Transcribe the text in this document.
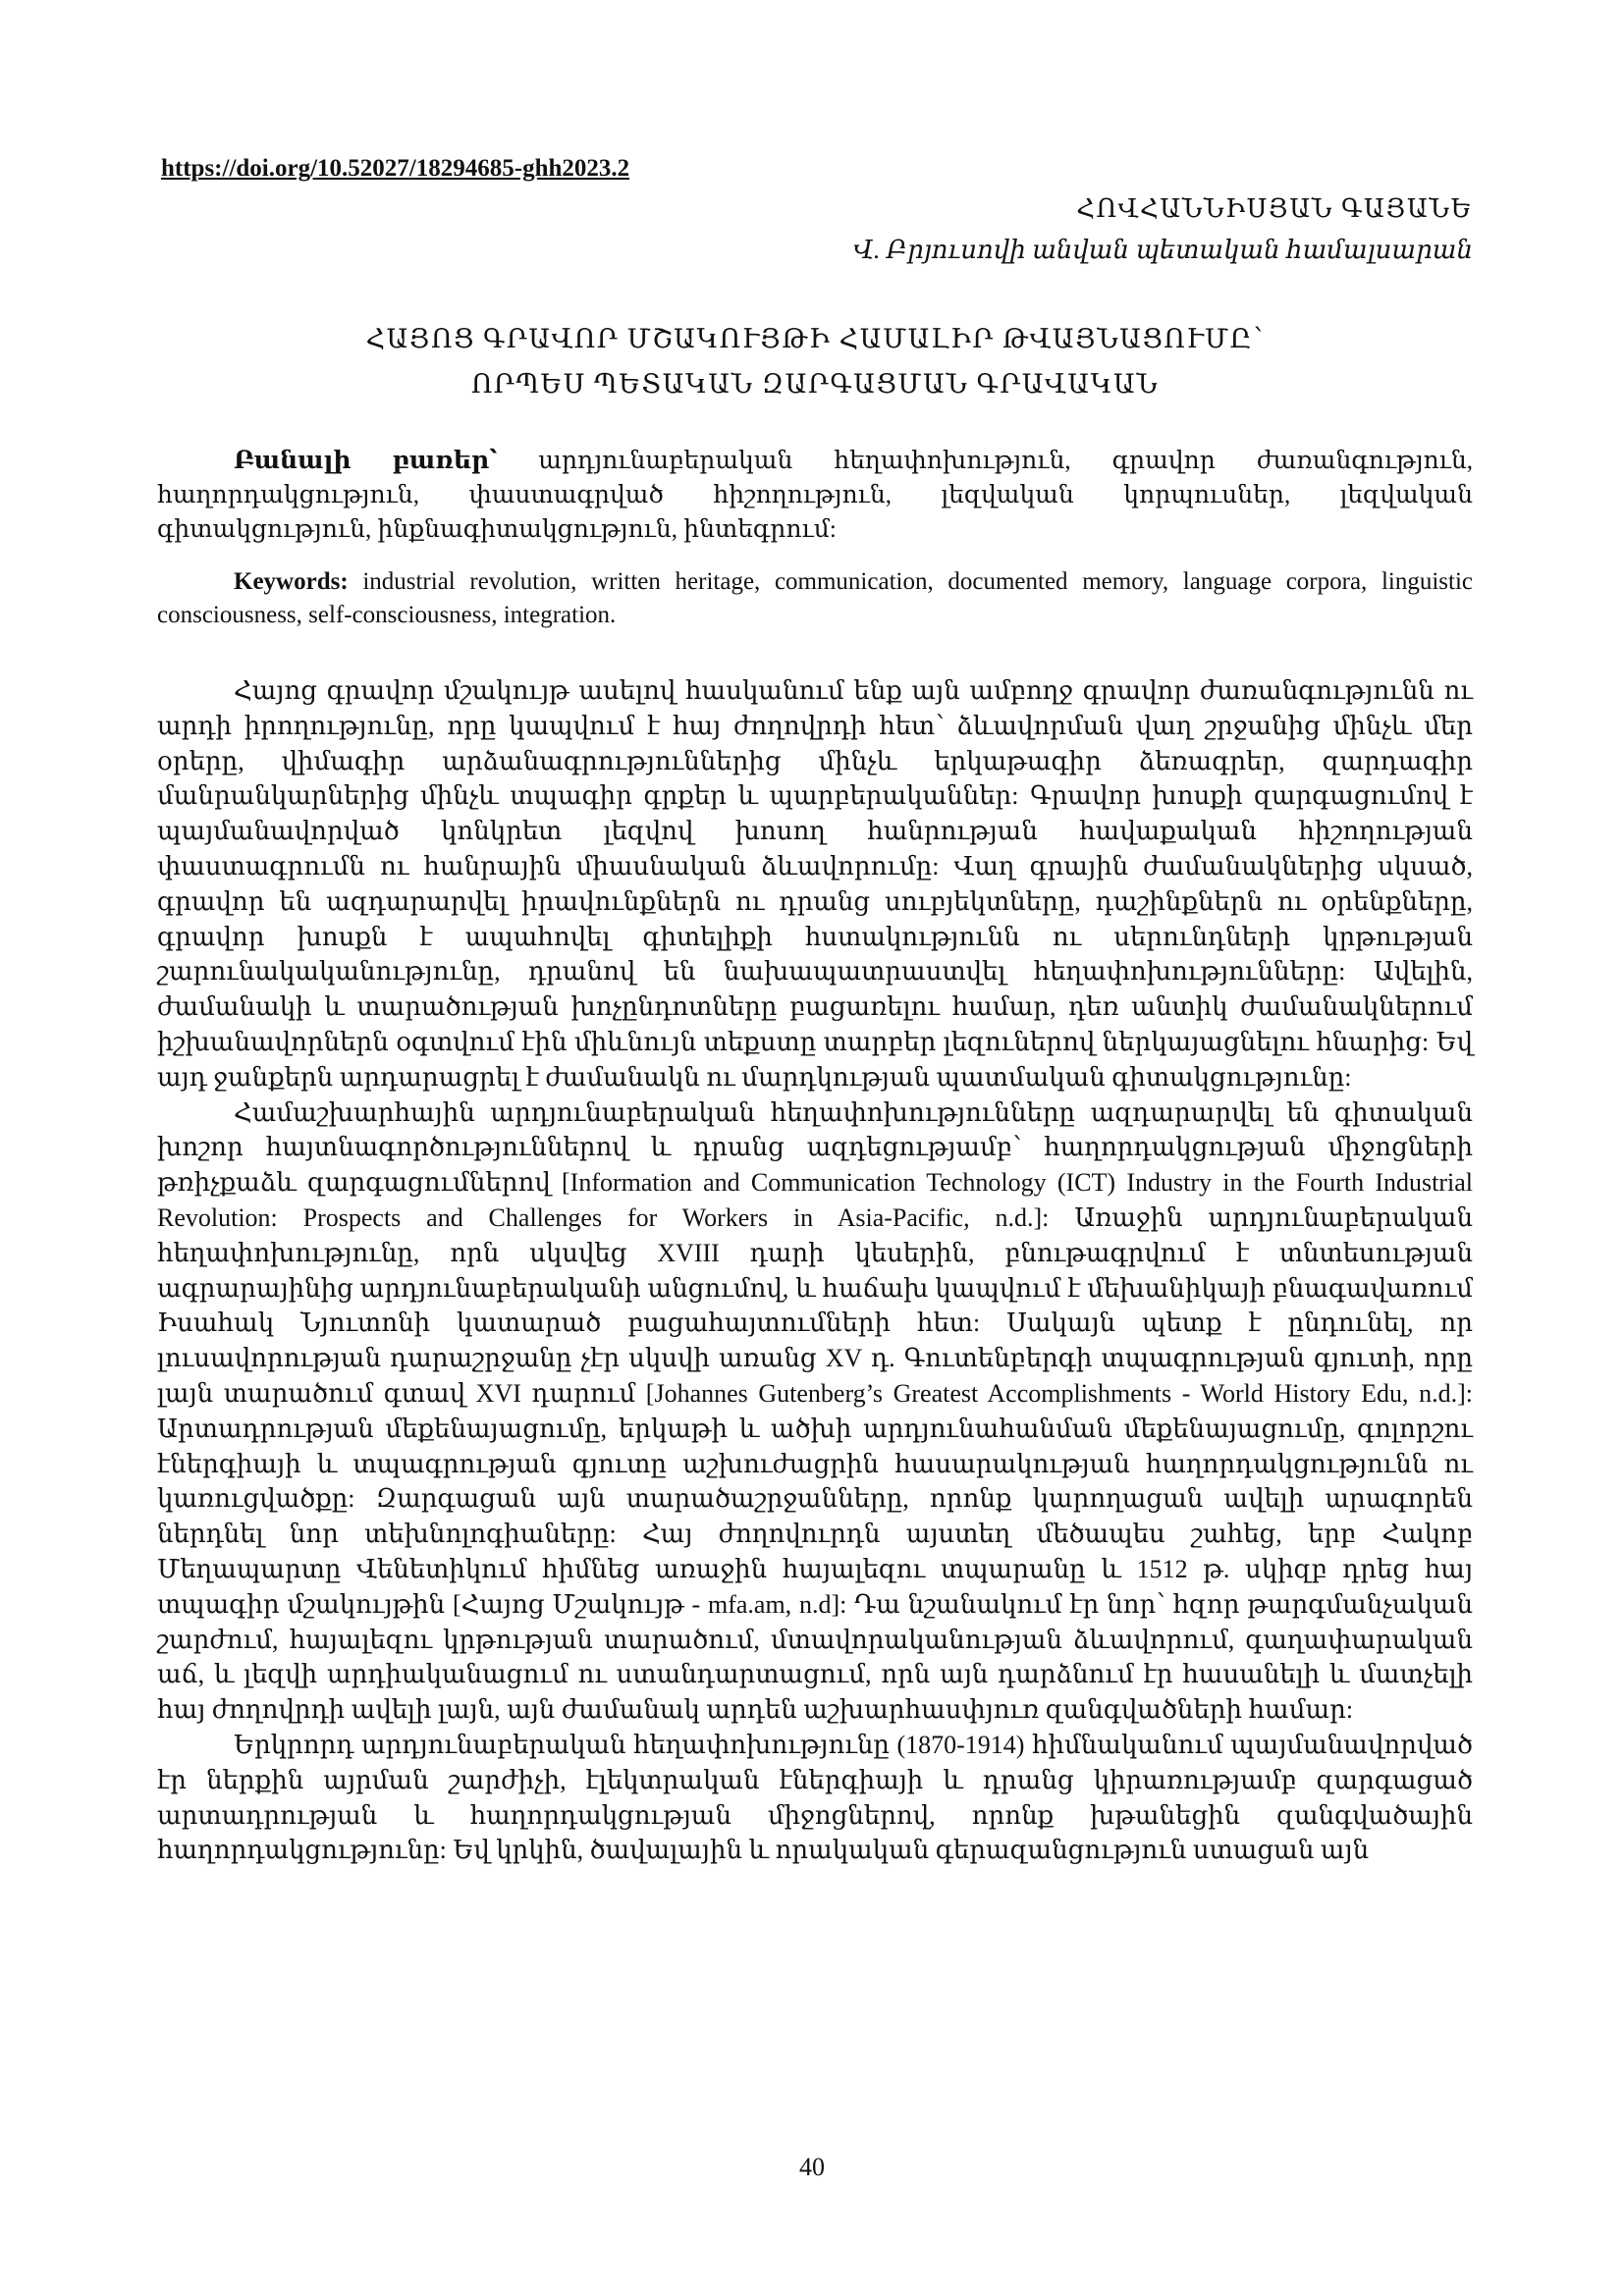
https://doi.org/10.52027/18294685-ghh2023.2
ՀՈՎՀԱՆՆԻՍՅԱՆ ԳԱՅԱՆԵ
Վ. Բրյուսովի անվան պետական համալսարան
ՀԱՅՈՑ ԳՐԱՎՈՐ ՄՇԱԿՈՒՅԹԻ ՀԱՄԱԼԻՐ ԹՎԱՅՆԱՑՈՒՄԸ՝
ՈՐՊԵՍ ՊԵՏԱԿԱՆ ԶԱՐԳԱՑՄԱՆ ԳՐԱՎԱԿԱՆ
Բանալի բառեր՝ արդյունաբերական հեղափոխություն, գրավոր ժառանգություն, հաղորդակցություն, փաստագրված հիշողություն, լեզվական կորպուսներ, լեզվական գիտակցություն, ինքնագիտակցություն, ինտեգրում:
Keywords: industrial revolution, written heritage, communication, documented memory, language corpora, linguistic consciousness, self-consciousness, integration.

Հայոց գրավոր մշակույթ ասելով հասկանում ենք այն ամբողջ գրավոր ժառանգությունն ու արդի իրողությունը, որը կապվում է հայ ժողովրդի հետ՝ ձևավորման վաղ շրջանից մինչև մեր օրերը, վիմագիր արձանագրություններից մինչև երկաթագիր ձեռագրեր, զարդագիր մանրանկարներից մինչև տպագիր գրքեր և պարբերականներ: Գրավոր խոսքի զարգացումով է պայմանավորված կոնկրետ լեզվով խոսող հանրության հավաքական հիշողության փաստագրումն ու հանրային միասնական ձևավորումը: Վաղ գրային ժամանակներից սկսած, գրավոր են ազդարարվել իրավունքներն ու դրանց սուբյեկտները, դաշինքներն ու օրենքները, գրավոր խոսքն է ապահովել գիտելիքի հստակությունն ու սերունդների կրթության շարունակականությունը, դրանով են նախապատրաստվել հեղափոխությունները: Ավելին, ժամանակի և տարածության խոչընդոտները բացառելու համար, դեռ անտիկ ժամանակներում իշխանավորներն օգտվում էին միևնույն տեքստը տարբեր լեզուներով ներկայացնելու հնարից: Եվ այդ ջանքերն արդարացրել է ժամանակն ու մարդկության պատմական գիտակցությունը:

Համաշխարհային արդյունաբերական հեղափոխությունները ազդարարվել են գիտական խոշոր հայտնագործություններով և դրանց ազդեցությամբ՝ հաղորդակցության միջոցների թռիչքաձև զարգացումներով [Information and Communication Technology (ICT) Industry in the Fourth Industrial Revolution: Prospects and Challenges for Workers in Asia-Pacific, n.d.]: Առաջին արդյունաբերական հեղափոխությունը, որն սկսվեց XVIII դարի կեսերին, բնութագրվում է տնտեսության ագրարայինից արդյունաբերականի անցումով, և հաճախ կապվում է մեխանիկայի բնագավառում Իսահակ Նյուտոնի կատարած բացահայտումների հետ: Սակայն պետք է ընդունել, որ լուսավորության դարաշրջանը չէր սկսվի առանց XV դ. Գուտենբերգի տպագրության գյուտի, որը լայն տարածում գտավ XVI դարում [Johannes Gutenberg’s Greatest Accomplishments - World History Edu, n.d.]: Արտադրության մեքենայացումը, երկաթի և ածխի արդյունահանման մեքենայացումը, գոլորշու էներգիայի և տպագրության գյուտը աշխուժացրին հասարակության հաղորդակցությունն ու կառուցվածքը: Զարգացան այն տարածաշրջանները, որոնք կարողացան ավելի արագորեն ներդնել նոր տեխնոլոգիաները: Հայ ժողովուրդն այստեղ մեծապես շահեց, երբ Հակոբ Մեղապարտը Վենետիկում հիմնեց առաջին հայալեզու տպարանը և 1512 թ. սկիզբ դրեց հայ տպագիր մշակույթին [Հայոց Մշակույթ - mfa.am, n.d]: Դա նշանակում էր նոր՝ հզոր թարգմանչական շարժում, հայալեզու կրթության տարածում, մտավորականության ձևավորում, գաղափարական աճ, և լեզվի արդիականացում ու ստանդարտացում, որն այն դարձնում էր հասանելի և մատչելի հայ ժողովրդի ավելի լայն, այն ժամանակ արդեն աշխարհասփյուռ զանգվածների համար:

Երկրորդ արդյունաբերական հեղափոխությունը (1870-1914) հիմնականում պայմանավորված էր ներքին այրման շարժիչի, էլեկտրական էներգիայի և դրանց կիրառությամբ զարգացած արտադրության և հաղորդակցության միջոցներով, որոնք խթանեցին զանգվածային հաղորդակցությունը: Եվ կրկին, ծավալային և որակական գերազանցություն ստացան այն

40
